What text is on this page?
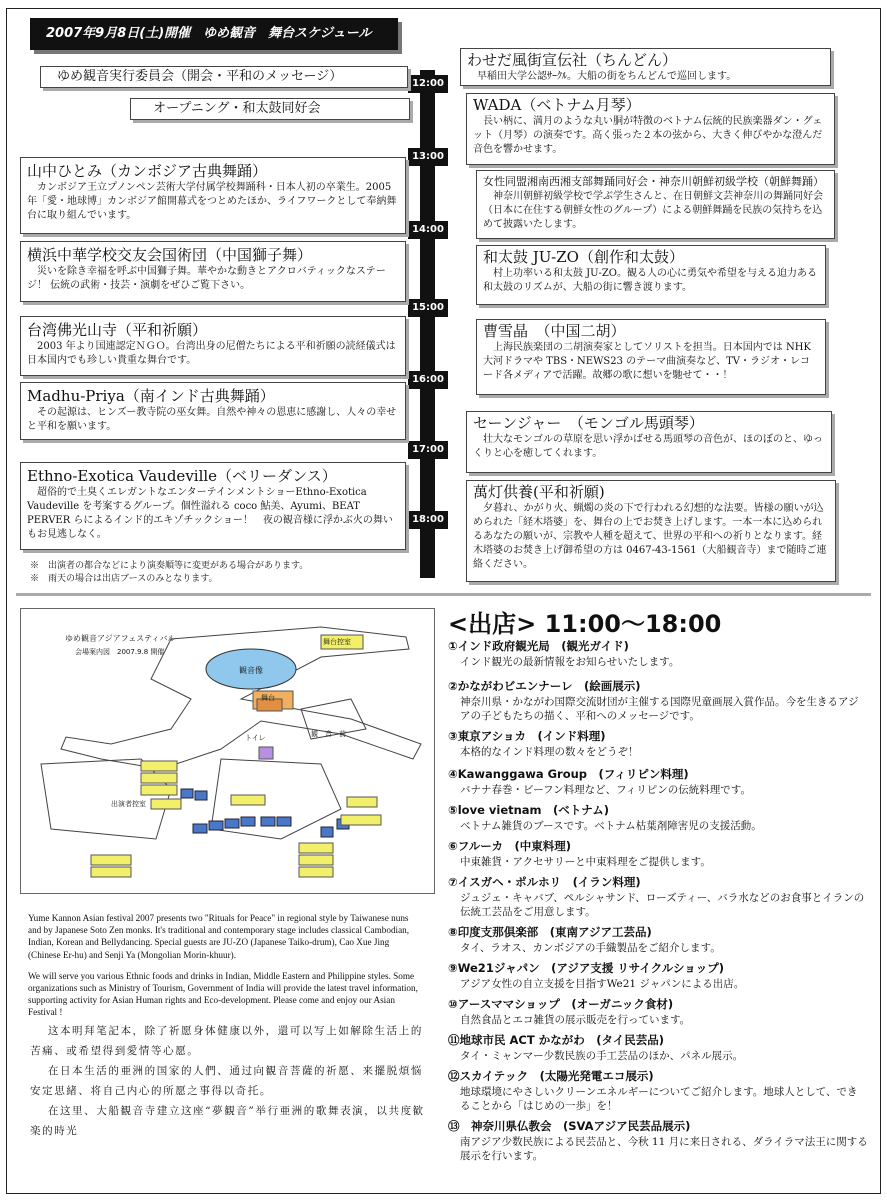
2007年9月8日(土)開催　ゆめ観音　舞台スケジュール
12:00
13:00
14:00
15:00
16:00
17:00
18:00
ゆめ観音実行委員会（開会・平和のメッセージ）
オープニング・和太鼓同好会
山中ひとみ（カンボジア古典舞踊）
カンボジア王立プノンペン芸術大学付属学校舞踊科・日本人初の卒業生。2005 年「愛・地球博」カンボジア館開幕式をつとめたほか、ライフワークとして奉納舞台に取り組んでいます。
横浜中華学校交友会国術団（中国獅子舞）
災いを除き幸福を呼ぶ中国獅子舞。華やかな動きとアクロバティックなステージ！ 伝統の武術・技芸・演劇をぜひご覧下さい。
台湾佛光山寺（平和祈願）
2003 年より国連認定ＮＧＯ。台湾出身の尼僧たちによる平和祈願の読経儀式は日本国内でも珍しい貴重な舞台です。
Madhu-Priya（南インド古典舞踊）
その起源は、ヒンズー教寺院の巫女舞。自然や神々の恩恵に感謝し、人々の幸せと平和を願います。
Ethno-Exotica Vaudeville（ベリーダンス）
超俗的で土臭くエレガントなエンターテインメントショーEthno-Exotica Vaudeville を考案するグループ。個性溢れる coco 鮎美、Ayumi、BEAT PERVER らによるインド的エキゾチックショー！　夜の観音様に浮かぶ火の舞いもお見逃しなく。
わせだ風街宣伝社（ちんどん）
早稲田大学公認ｻｰｸﾙ。大船の街をちんどんで巡回します。
WADA（ベトナム月琴）
長い柄に、満月のような丸い胴が特徴のベトナム伝統的民族楽器ダン・グェット（月琴）の演奏です。高く張った２本の弦から、大きく伸びやかな澄んだ音色を響かせます。
女性同盟湘南西湘支部舞踊同好会・神奈川朝鮮初級学校（朝鮮舞踊）
神奈川朝鮮初級学校で学ぶ学生さんと、在日朝鮮文芸神奈川の舞踊同好会（日本に在住する朝鮮女性のグループ）による朝鮮舞踊を民族の気持ちを込めて披露いたします。
和太鼓 JU-ZO（創作和太鼓）
村上功率いる和太鼓 JU-ZO。観る人の心に勇気や希望を与える迫力ある和太鼓のリズムが、大船の街に響き渡ります。
曹雪晶　（中国二胡）
上海民族楽団の二胡演奏家としてソリストを担当。日本国内では NHK 大河ドラマや TBS・NEWS23 のテーマ曲演奏など、TV・ラジオ・レコード各メディアで活躍。故郷の歌に想いを馳せて・・！
セーンジャー　（モンゴル馬頭琴）
壮大なモンゴルの草原を思い浮かばせる馬頭琴の音色が、ほのぼのと、ゆっくりと心を癒してくれます。
萬灯供養(平和祈願)
夕暮れ、かがり火、蝋燭の炎の下で行われる幻想的な法要。皆様の願いが込められた「経木塔婆」を、舞台の上でお焚き上げします。一本一本に込められるあなたの願いが、宗教や人種を超えて、世界の平和への祈りとなります。経木塔婆のお焚き上げ御希望の方は 0467-43-1561（大船観音寺）まで随時ご連絡ください。
※　出演者の都合などにより演奏順等に変更がある場合があります。
※　雨天の場合は出店ブースのみとなります。
ゆめ観音アジアフェスティバル
会場案内図　2007.9.8 開催
観音像
舞台
舞台控室
観　音　前
出演者控室
トイレ

Yume Kannon Asian festival 2007 presents two "Rituals for Peace" in regional style by Taiwanese nuns and by Japanese Soto Zen monks. It's traditional and contemporary stage includes classical Cambodian, Indian, Korean and Bellydancing. Special guests are JU-ZO (Japanese Taiko-drum), Cao Xue Jing (Chinese Er-hu) and Senji Ya (Mongolian Morin-khuur).

We will serve you various Ethnic foods and drinks in Indian, Middle Eastern and Philippine styles. Some organizations such as Ministry of Tourism, Government of India will provide the latest travel information, supporting activity for Asian Human rights and Eco-development. Please come and enjoy our Asian Festival !

这本明拜笔記本，除了祈愿身体健康以外，還可以写上如解除生活上的苦痛、或希望得到愛情等心愿。

在日本生活的亜洲的国家的人們、通过向観音菩薩的祈愿、来擺脱煩悩安定思緒、将自己内心的所愿之事得以奇托。

在这里、大船観音寺建立这座“夢観音”举行亜洲的歌舞表演，以共度歓楽的時光

<出店> 11:00〜18:00
①インド政府観光局　(観光ガイド)
インド観光の最新情報をお知らせいたします。
②かながわビエンナーレ　(絵画展示)
神奈川県・かながわ国際交流財団が主催する国際児童画展入賞作品。今を生きるアジアの子どもたちの描く、平和へのメッセージです。
③東京アショカ　(インド料理)
本格的なインド料理の数々をどうぞ！
④Kawanggawa Group　(フィリピン料理)
バナナ春巻・ビーフン料理など、フィリピンの伝統料理です。
⑤love vietnam　(ベトナム)
ベトナム雑貨のブースです。ベトナム枯葉剤障害児の支援活動。
⑥フルーカ　(中東料理)
中東雑貨・アクセサリーと中東料理をご提供します。
⑦イスガヘ・ポルホリ　(イラン料理)
ジュジェ・キャバブ、ペルシャサンド、ローズティー、バラ水などのお食事とイランの伝統工芸品をご用意します。
⑧印度支那倶楽部　(東南アジア工芸品)
タイ、ラオス、カンボジアの手織製品をご紹介します。
⑨We21ジャパン　(アジア支援 リサイクルショップ)
アジア女性の自立支援を目指すWe21 ジャパンによる出店。
⑩アースママショップ　(オーガニック食材)
自然食品とエコ雑貨の展示販売を行っています。
⑪地球市民 ACT かながわ　(タイ民芸品)
タイ・ミャンマー少数民族の手工芸品のほか、パネル展示。
⑫スカイテック　(太陽光発電エコ展示)
地球環境にやさしいクリーンエネルギーについてご紹介します。地球人として、できることから「はじめの一歩」を！
⑬　神奈川県仏教会　(SVAアジア民芸品展示)
南アジア少数民族による民芸品と、今秋 11 月に来日される、ダライラマ法王に関する展示を行います。
